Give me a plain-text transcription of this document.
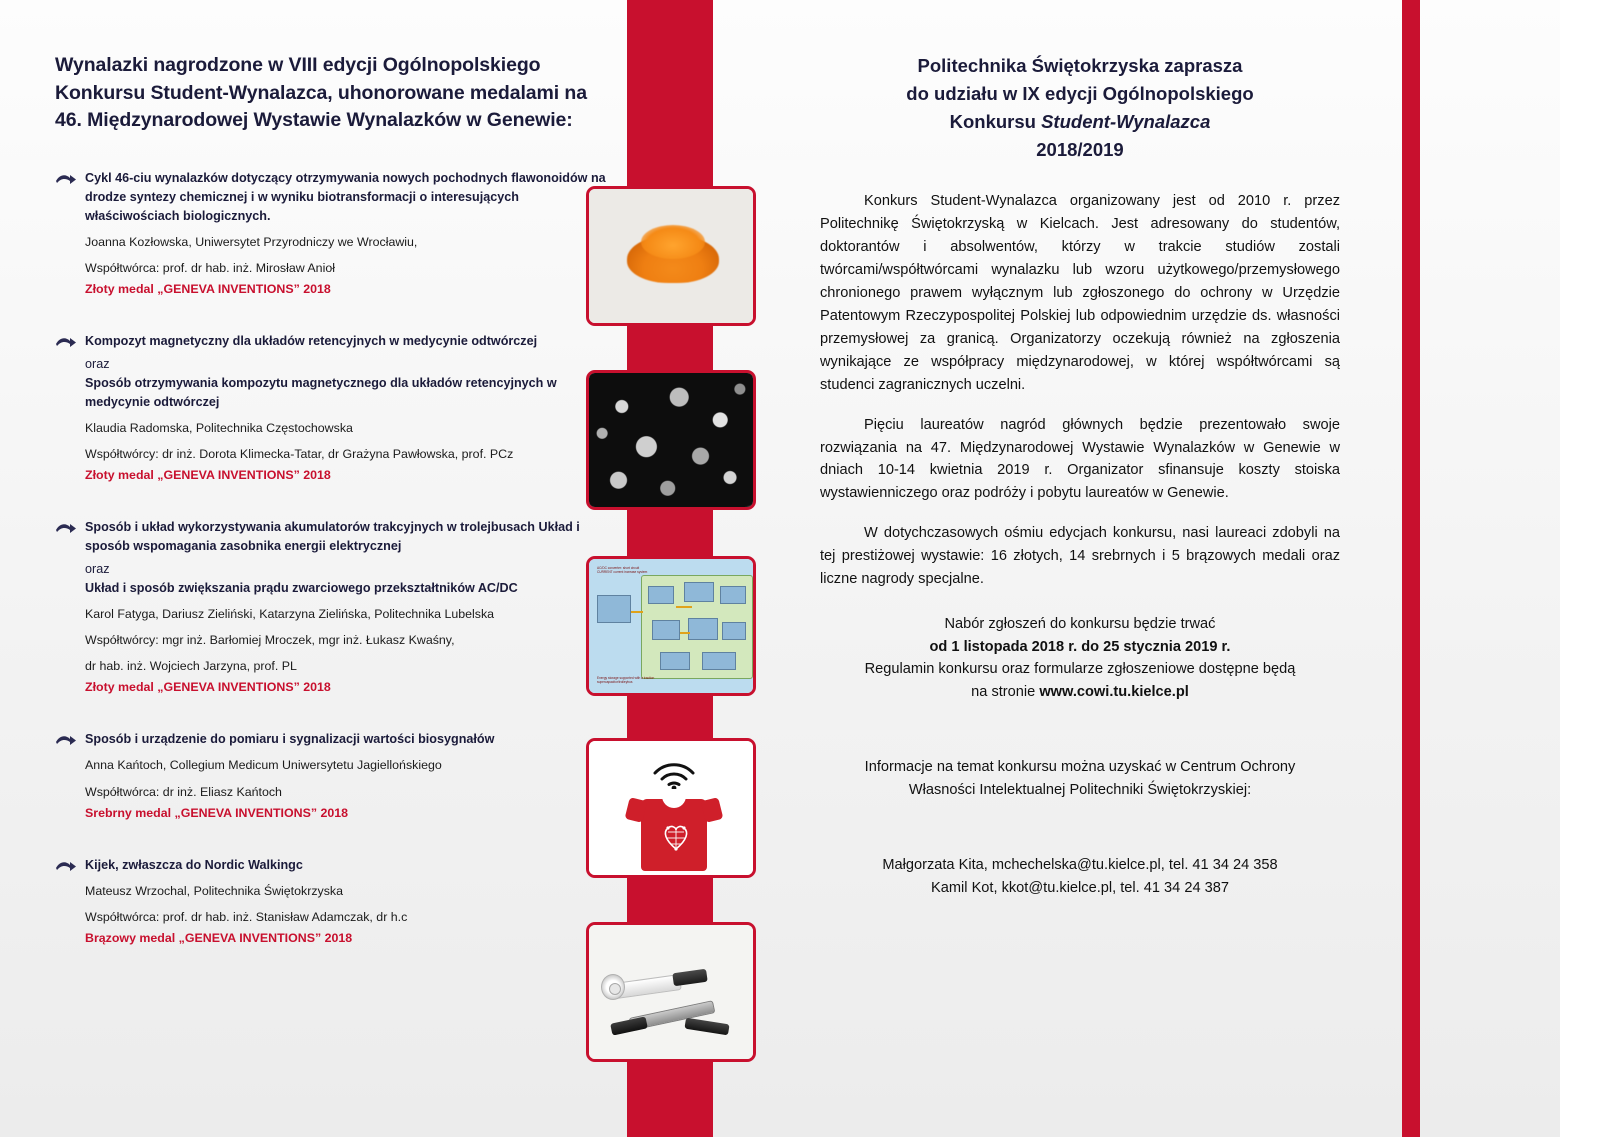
Wynalazki nagrodzone w VIII edycji Ogólnopolskiego Konkursu Student-Wynalazca, uhonorowane medalami na 46. Międzynarodowej Wystawie Wynalazków w Genewie:
Cykl 46-ciu wynalazków dotyczący otrzymywania nowych pochodnych flawonoidów na drodze syntezy chemicznej i w wyniku biotransformacji o interesujących właściwościach biologicznych.
Joanna Kozłowska, Uniwersytet Przyrodniczy we Wrocławiu,
Współtwórca: prof. dr hab. inż. Mirosław Anioł
Złoty medal „GENEVA INVENTIONS” 2018
Kompozyt magnetyczny dla układów retencyjnych w medycynie odtwórczej
oraz
Sposób otrzymywania kompozytu magnetycznego dla układów retencyjnych w medycynie odtwórczej
Klaudia Radomska, Politechnika Częstochowska
Współtwórcy: dr inż. Dorota Klimecka-Tatar, dr Grażyna Pawłowska, prof. PCz
Złoty medal „GENEVA INVENTIONS” 2018
Sposób i układ wykorzystywania akumulatorów trakcyjnych w trolejbusach Układ i sposób wspomagania zasobnika energii elektrycznej
oraz
Układ i sposób zwiększania prądu zwarciowego przekształtników AC/DC
Karol Fatyga, Dariusz Zieliński, Katarzyna Zielińska, Politechnika Lubelska
Współtwórcy: mgr inż. Barłomiej Mroczek, mgr inż. Łukasz Kwaśny,
dr hab. inż. Wojciech Jarzyna, prof. PL
Złoty medal „GENEVA INVENTIONS” 2018
Sposób i urządzenie do pomiaru i sygnalizacji wartości biosygnałów
Anna Kańtoch, Collegium Medicum Uniwersytetu Jagiellońskiego
Współtwórca: dr inż. Eliasz Kańtoch
Srebrny medal „GENEVA INVENTIONS” 2018
Kijek, zwłaszcza do Nordic Walkingc
Mateusz Wrzochal, Politechnika Świętokrzyska
Współtwórca: prof. dr hab. inż. Stanisław Adamczak, dr h.c
Brązowy medal „GENEVA INVENTIONS” 2018
AC/DC converter: short circuit CURRENT current increase system
Energy storage supported with a traction supercapacitor/trolleybus
Politechnika Świętokrzyska zaprasza
do udziału w IX edycji Ogólnopolskiego
Konkursu Student-Wynalazca
2018/2019

Konkurs Student-Wynalazca organizowany jest od 2010 r. przez Politechnikę Świętokrzyską w Kielcach. Jest adresowany do studentów, doktorantów i absolwentów, którzy w trakcie studiów zostali twórcami/współtwórcami wynalazku lub wzoru użytkowego/przemysłowego chronionego prawem wyłącznym lub zgłoszonego do ochrony w Urzędzie Patentowym Rzeczypospolitej Polskiej lub odpowiednim urzędzie ds. własności przemysłowej za granicą. Organizatorzy oczekują również na zgłoszenia wynikające ze współpracy międzynarodowej, w której współtwórcami są studenci zagranicznych uczelni.

Pięciu laureatów nagród głównych będzie prezentowało swoje rozwiązania na 47. Międzynarodowej Wystawie Wynalazków w Genewie w dniach 10-14 kwietnia 2019 r. Organizator sfinansuje koszty stoiska wystawienniczego oraz podróży i pobytu laureatów w Genewie.

W dotychczasowych ośmiu edycjach konkursu, nasi laureaci zdobyli na tej prestiżowej wystawie: 16 złotych, 14 srebrnych i 5 brązowych medali oraz liczne nagrody specjalne.

Nabór zgłoszeń do konkursu będzie trwać
od 1 listopada 2018 r. do 25 stycznia 2019 r.
Regulamin konkursu oraz formularze zgłoszeniowe dostępne będą
na stronie www.cowi.tu.kielce.pl
Informacje na temat konkursu można uzyskać w Centrum Ochrony
Własności Intelektualnej Politechniki Świętokrzyskiej:
Małgorzata Kita, mchechelska@tu.kielce.pl, tel. 41 34 24 358
Kamil Kot, kkot@tu.kielce.pl, tel. 41 34 24 387
